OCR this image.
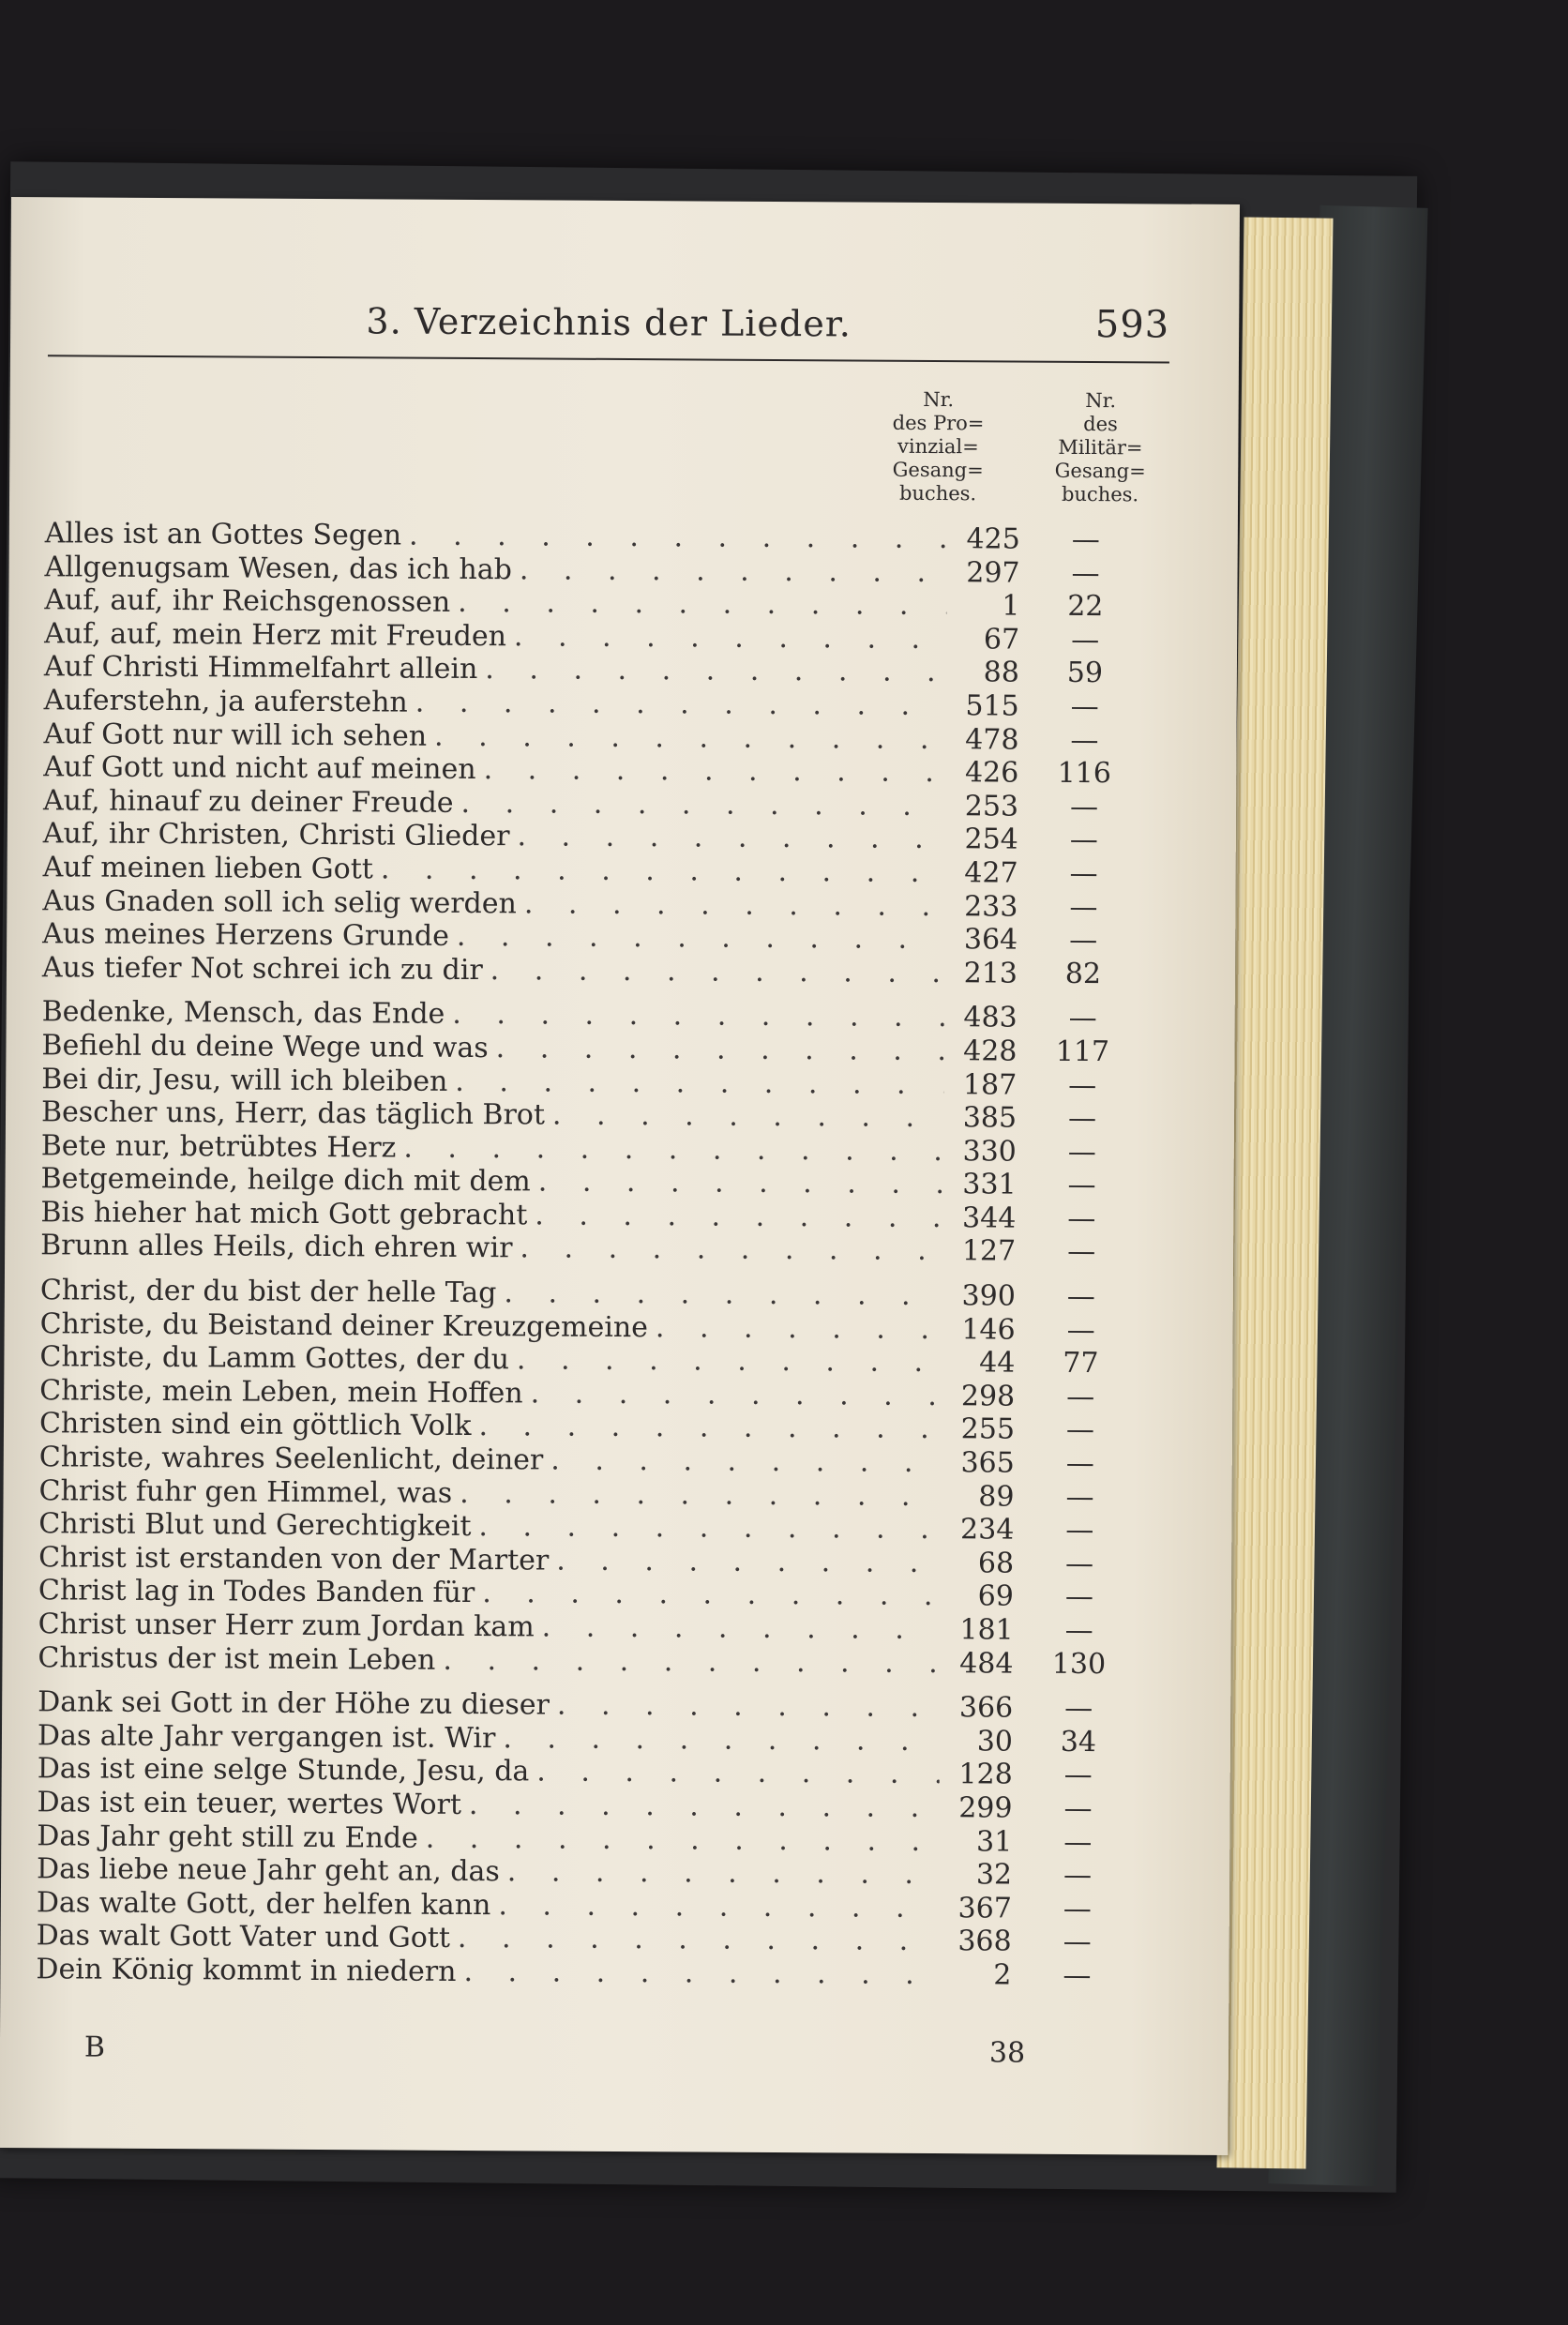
3. Verzeichnis der Lieder.	593
Nr.
des Pro=
vinzial=
Gesang=
buches.
Nr.
des
Militär=
Gesang=
buches.
Alles ist an Gottes Segen . . .	425	—
Allgenugsam Wesen, das ich hab . . .	297	—
Auf, auf, ihr Reichsgenossen . . .	1	22
Auf, auf, mein Herz mit Freuden . . .	67	—
Auf Christi Himmelfahrt allein . . .	88	59
Auferstehn, ja auferstehn . . .	515	—
Auf Gott nur will ich sehen . . .	478	—
Auf Gott und nicht auf meinen . . .	426	116
Auf, hinauf zu deiner Freude . . .	253	—
Auf, ihr Christen, Christi Glieder . . .	254	—
Auf meinen lieben Gott . . .	427	—
Aus Gnaden soll ich selig werden . . .	233	—
Aus meines Herzens Grunde . . .	364	—
Aus tiefer Not schrei ich zu dir . . .	213	82
Bedenke, Mensch, das Ende . . .	483	—
Befiehl du deine Wege und was . . .	428	117
Bei dir, Jesu, will ich bleiben . . .	187	—
Bescher uns, Herr, das täglich Brot . . .	385	—
Bete nur, betrübtes Herz . . .	330	—
Betgemeinde, heilge dich mit dem . . .	331	—
Bis hieher hat mich Gott gebracht . . .	344	—
Brunn alles Heils, dich ehren wir . . .	127	—
Christ, der du bist der helle Tag . . .	390	—
Christe, du Beistand deiner Kreuzgemeine . . .	146	—
Christe, du Lamm Gottes, der du . . .	44	77
Christe, mein Leben, mein Hoffen . . .	298	—
Christen sind ein göttlich Volk . . .	255	—
Christe, wahres Seelenlicht, deiner . . .	365	—
Christ fuhr gen Himmel, was . . .	89	—
Christi Blut und Gerechtigkeit . . .	234	—
Christ ist erstanden von der Marter . . .	68	—
Christ lag in Todes Banden für . . .	69	—
Christ unser Herr zum Jordan kam . . .	181	—
Christus der ist mein Leben . . .	484	130
Dank sei Gott in der Höhe zu dieser . . .	366	—
Das alte Jahr vergangen ist. Wir . . .	30	34
Das ist eine selge Stunde, Jesu, da . . .	128	—
Das ist ein teuer, wertes Wort . . .	299	—
Das Jahr geht still zu Ende . . .	31	—
Das liebe neue Jahr geht an, das . . .	32	—
Das walte Gott, der helfen kann . . .	367	—
Das walt Gott Vater und Gott . . .	368	—
Dein König kommt in niedern . . .	2	—
B	38
